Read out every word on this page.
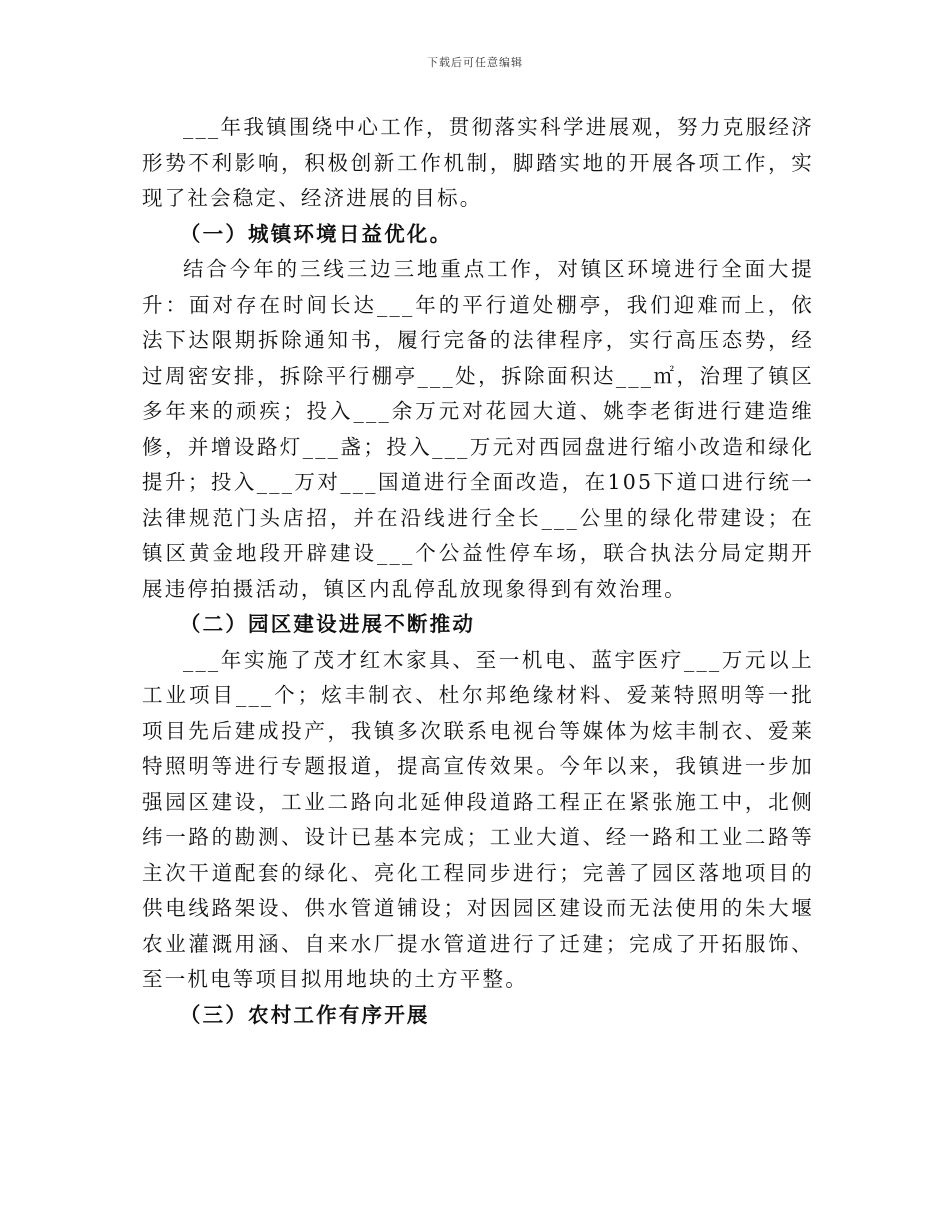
下载后可任意编辑

___年我镇围绕中心工作，贯彻落实科学进展观，努力克服经济形势不利影响，积极创新工作机制，脚踏实地的开展各项工作，实现了社会稳定、经济进展的目标。

（一）城镇环境日益优化。

结合今年的三线三边三地重点工作，对镇区环境进行全面大提升：面对存在时间长达___年的平行道处棚亭，我们迎难而上，依法下达限期拆除通知书，履行完备的法律程序，实行高压态势，经过周密安排，拆除平行棚亭___处，拆除面积达___㎡，治理了镇区多年来的顽疾；投入___余万元对花园大道、姚李老街进行建造维修，并增设路灯___盏；投入___万元对西园盘进行缩小改造和绿化提升；投入___万对___国道进行全面改造，在105下道口进行统一法律规范门头店招，并在沿线进行全长___公里的绿化带建设；在镇区黄金地段开辟建设___个公益性停车场，联合执法分局定期开展违停拍摄活动，镇区内乱停乱放现象得到有效治理。

（二）园区建设进展不断推动

___年实施了茂才红木家具、至一机电、蓝宇医疗___万元以上工业项目___个；炫丰制衣、杜尔邦绝缘材料、爱莱特照明等一批项目先后建成投产，我镇多次联系电视台等媒体为炫丰制衣、爱莱特照明等进行专题报道，提高宣传效果。今年以来，我镇进一步加强园区建设，工业二路向北延伸段道路工程正在紧张施工中，北侧纬一路的勘测、设计已基本完成；工业大道、经一路和工业二路等主次干道配套的绿化、亮化工程同步进行；完善了园区落地项目的供电线路架设、供水管道铺设；对因园区建设而无法使用的朱大堰农业灌溉用涵、自来水厂提水管道进行了迁建；完成了开拓服饰、至一机电等项目拟用地块的土方平整。

（三）农村工作有序开展
